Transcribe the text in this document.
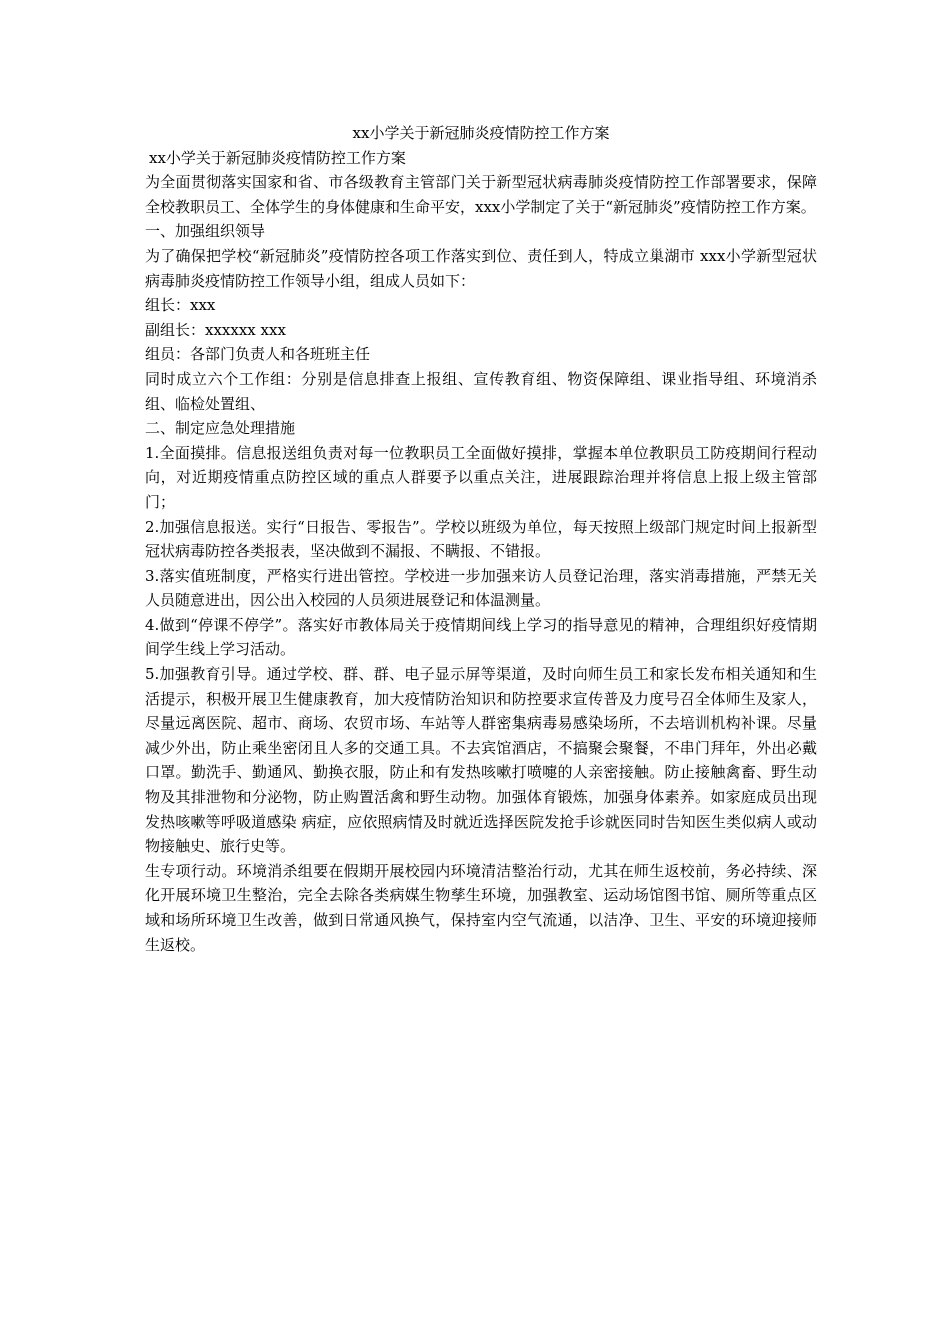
xx小学关于新冠肺炎疫情防控工作方案

xx小学关于新冠肺炎疫情防控工作方案

为全面贯彻落实国家和省、市各级教育主管部门关于新型冠状病毒肺炎疫情防控工作部署要求，保障全校教职员工、全体学生的身体健康和生命平安，xxx小学制定了关于“新冠肺炎”疫情防控工作方案。

一、加强组织领导

为了确保把学校“新冠肺炎”疫情防控各项工作落实到位、责任到人，特成立巢湖市 xxx小学新型冠状病毒肺炎疫情防控工作领导小组，组成人员如下：

组长：xxx

副组长：xxxxxx xxx

组员：各部门负责人和各班班主任

同时成立六个工作组：分别是信息排查上报组、宣传教育组、物资保障组、课业指导组、环境消杀组、临检处置组、

二、制定应急处理措施

1.全面摸排。信息报送组负责对每一位教职员工全面做好摸排，掌握本单位教职员工防疫期间行程动向，对近期疫情重点防控区域的重点人群要予以重点关注，进展跟踪治理并将信息上报上级主管部门；

2.加强信息报送。实行“日报告、零报告”。学校以班级为单位，每天按照上级部门规定时间上报新型冠状病毒防控各类报表，坚决做到不漏报、不瞒报、不错报。

3.落实值班制度，严格实行进出管控。学校进一步加强来访人员登记治理，落实消毒措施，严禁无关人员随意进出，因公出入校园的人员须进展登记和体温测量。

4.做到“停课不停学”。落实好市教体局关于疫情期间线上学习的指导意见的精神，合理组织好疫情期间学生线上学习活动。

5.加强教育引导。通过学校、群、群、电子显示屏等渠道，及时向师生员工和家长发布相关通知和生活提示，积极开展卫生健康教育，加大疫情防治知识和防控要求宣传普及力度号召全体师生及家人，尽量远离医院、超市、商场、农贸市场、车站等人群密集病毒易感染场所，不去培训机构补课。尽量减少外出，防止乘坐密闭且人多的交通工具。不去宾馆酒店，不搞聚会聚餐，不串门拜年，外出必戴口罩。勤洗手、勤通风、勤换衣服，防止和有发热咳嗽打喷嚏的人亲密接触。防止接触禽畜、野生动物及其排泄物和分泌物，防止购置活禽和野生动物。加强体育锻炼，加强身体素养。如家庭成员出现发热咳嗽等呼吸道感染 病症，应依照病情及时就近选择医院发抢手诊就医同时告知医生类似病人或动物接触史、旅行史等。

生专项行动。环境消杀组要在假期开展校园内环境清洁整治行动，尤其在师生返校前，务必持续、深化开展环境卫生整治，完全去除各类病媒生物孳生环境，加强教室、运动场馆图书馆、厕所等重点区域和场所环境卫生改善，做到日常通风换气，保持室内空气流通，以洁净、卫生、平安的环境迎接师生返校。
